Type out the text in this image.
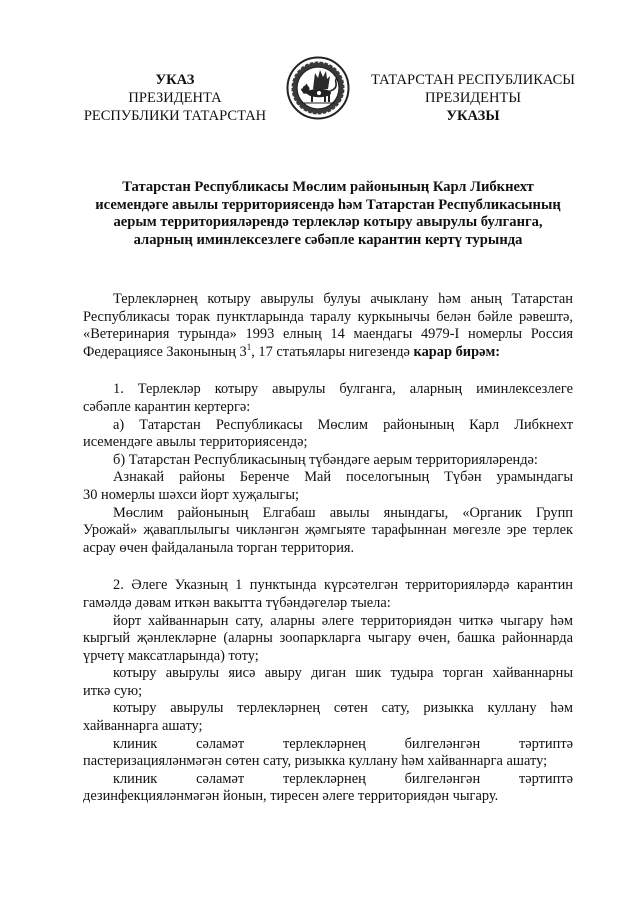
УКАЗ
ПРЕЗИДЕНТА
РЕСПУБЛИКИ ТАТАРСТАН
ТАТАРСТАН РЕСПУБЛИКАСЫ
ПРЕЗИДЕНТЫ
УКАЗЫ
Татарстан Республикасы Мөслим районының Карл Либкнехт
исемендәге авылы территориясендә һәм Татарстан Республикасының
аерым территорияләрендә терлекләр котыру авырулы булганга,
аларның иминлексезлеге сәбәпле карантин кертү турында
Терлекләрнең котыру авырулы булуы ачыклану һәм аның Татарстан
Республикасы торак пунктларында таралу куркынычы белән бәйле рәвештә,
«Ветеринария турында» 1993 елның 14 маендагы 4979-I номерлы Россия
Федерациясе Законының $3^1$, 17 статьялары нигезендә карар бирәм:
1. Терлекләр котыру авырулы булганга, аларның иминлексезлеге
сәбәпле карантин кертергә:
а) Татарстан Республикасы Мөслим районының Карл Либкнехт
исемендәге авылы территориясендә;
б) Татарстан Республикасының түбәндәге аерым территорияләрендә:
Азнакай районы Беренче Май поселогының Түбән урамындагы
30 номерлы шәхси йорт хуҗалыгы;
Мөслим районының Елгабаш авылы янындагы, «Органик Групп
Урожай» җаваплылыгы чикләнгән җәмгыяте тарафыннан мөгезле эре терлек
асрау өчен файдаланыла торган территория.
2. Әлеге Указның 1 пунктында күрсәтелгән территорияләрдә карантин
гамәлдә дәвам иткән вакытта түбәндәгеләр тыела:
йорт хайваннарын сату, аларны әлеге территориядән читкә чыгару һәм
кыргый җәнлекләрне (аларны зоопаркларга чыгару өчен, башка районнарда
үрчетү максатларында) тоту;
котыру авырулы яисә авыру диган шик тудыра торган хайваннарны
иткә сую;
котыру авырулы терлекләрнең сөтен сату, ризыкка куллану һәм
хайваннарга ашату;
клиник сәламәт терлекләрнең билгеләнгән тәртиптә
пастеризацияләнмәгән сөтен сату, ризыкка куллану һәм хайваннарга ашату;
клиник сәламәт терлекләрнең билгеләнгән тәртиптә
дезинфекцияләнмәгән йонын, тиресен әлеге территориядән чыгару.
